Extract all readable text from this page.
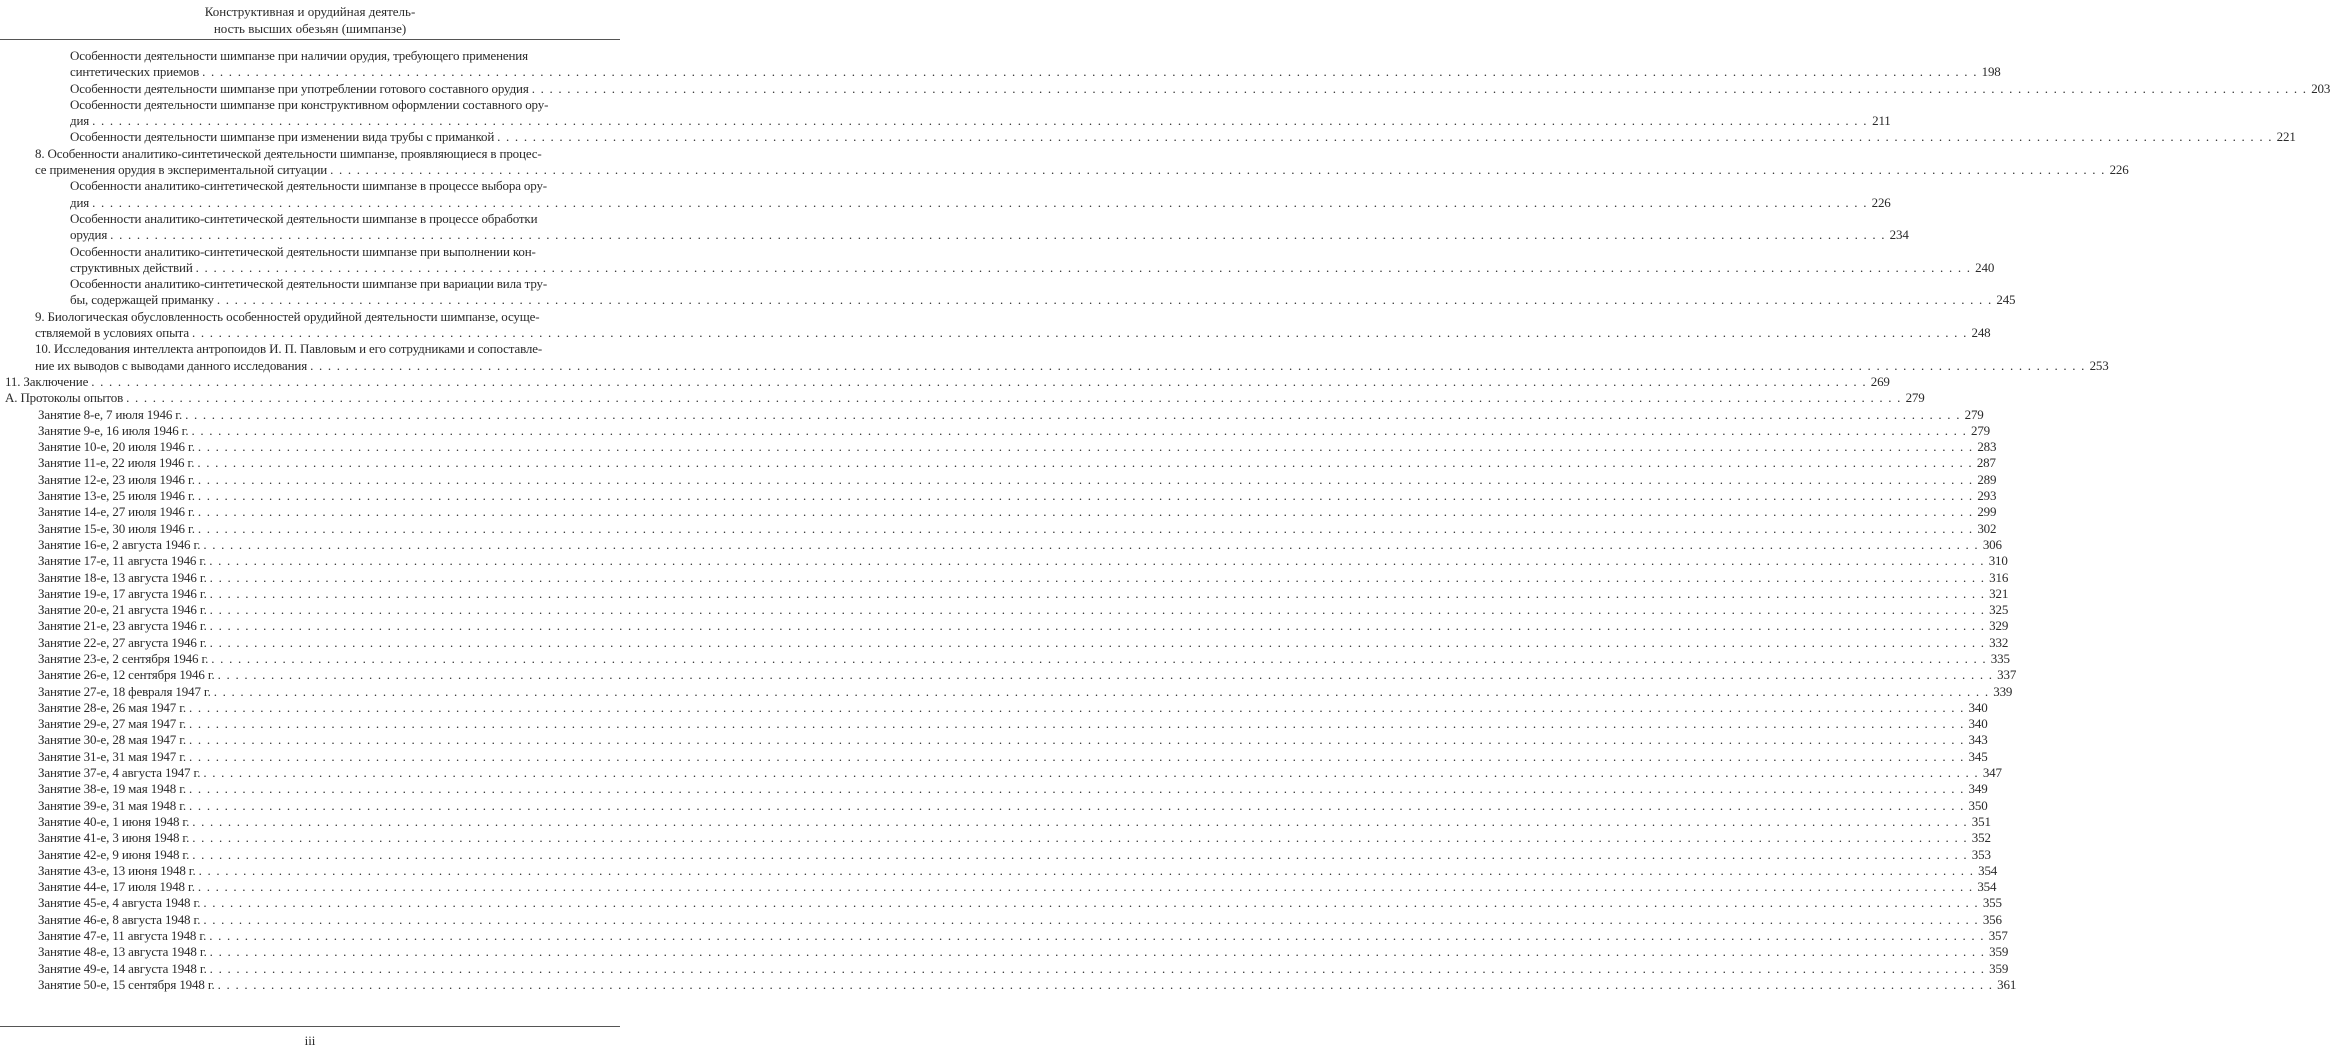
Конструктивная и орудийная деятель-
ность высших обезьян (шимпанзе)
Особенности деятельности шимпанзе при наличии орудия, требующего применения
синтетических приемов . . . . . . . . . . . . . . . . . . . . . . . . . . . . . . . . . . . . . . . . . . . . . . . . . . . . . . . . . . . . . . . . . . . . . . . . . . . . . . . . . . . . . . . . . . . . . . . . . . . . . . . . . . . . . . . . . . . . . . . . . . . . . . . . . . . . . . . . . . . . . . . . . . . . . . . . . . . . . . . . . . . . . . . . . . . . . . . . . . . . . . . . . . . . . . . . . . . . . . . . 198
Особенности деятельности шимпанзе при употреблении готового составного орудия . . . . . . . . . . . . . . . . . . . . . . . . . . . . . . . . . . . . . . . . . . . . . . . . . . . . . . . . . . . . . . . . . . . . . . . . . . . . . . . . . . . . . . . . . . . . . . . . . . . . . . . . . . . . . . . . . . . . . . . . . . . . . . . . . . . . . . . . . . . . . . . . . . . . . . . . . . . . . . . . . . . . . . . . . . . . . . . . . . . . . . . . . . . . . . . . . . . . . . . . 203
Особенности деятельности шимпанзе при конструктивном оформлении составного ору-
дия . . . . . . . . . . . . . . . . . . . . . . . . . . . . . . . . . . . . . . . . . . . . . . . . . . . . . . . . . . . . . . . . . . . . . . . . . . . . . . . . . . . . . . . . . . . . . . . . . . . . . . . . . . . . . . . . . . . . . . . . . . . . . . . . . . . . . . . . . . . . . . . . . . . . . . . . . . . . . . . . . . . . . . . . . . . . . . . . . . . . . . . . . . . . . . . . . . . . . . . . 211
Особенности деятельности шимпанзе при изменении вида трубы с приманкой . . . . . . . . . . . . . . . . . . . . . . . . . . . . . . . . . . . . . . . . . . . . . . . . . . . . . . . . . . . . . . . . . . . . . . . . . . . . . . . . . . . . . . . . . . . . . . . . . . . . . . . . . . . . . . . . . . . . . . . . . . . . . . . . . . . . . . . . . . . . . . . . . . . . . . . . . . . . . . . . . . . . . . . . . . . . . . . . . . . . . . . . . . . . . . . . . . . . . . . . 221
8. Особенности аналитико-синтетической деятельности шимпанзе, проявляющиеся в процес-
се применения орудия в экспериментальной ситуации . . . . . . . . . . . . . . . . . . . . . . . . . . . . . . . . . . . . . . . . . . . . . . . . . . . . . . . . . . . . . . . . . . . . . . . . . . . . . . . . . . . . . . . . . . . . . . . . . . . . . . . . . . . . . . . . . . . . . . . . . . . . . . . . . . . . . . . . . . . . . . . . . . . . . . . . . . . . . . . . . . . . . . . . . . . . . . . . . . . . . . . . . . . . . . . . . . . . . . . . 226
Особенности аналитико-синтетической деятельности шимпанзе в процессе выбора ору-
дия . . . . . . . . . . . . . . . . . . . . . . . . . . . . . . . . . . . . . . . . . . . . . . . . . . . . . . . . . . . . . . . . . . . . . . . . . . . . . . . . . . . . . . . . . . . . . . . . . . . . . . . . . . . . . . . . . . . . . . . . . . . . . . . . . . . . . . . . . . . . . . . . . . . . . . . . . . . . . . . . . . . . . . . . . . . . . . . . . . . . . . . . . . . . . . . . . . . . . . . . 226
Особенности аналитико-синтетической деятельности шимпанзе в процессе обработки
орудия . . . . . . . . . . . . . . . . . . . . . . . . . . . . . . . . . . . . . . . . . . . . . . . . . . . . . . . . . . . . . . . . . . . . . . . . . . . . . . . . . . . . . . . . . . . . . . . . . . . . . . . . . . . . . . . . . . . . . . . . . . . . . . . . . . . . . . . . . . . . . . . . . . . . . . . . . . . . . . . . . . . . . . . . . . . . . . . . . . . . . . . . . . . . . . . . . . . . . . . . 234
Особенности аналитико-синтетической деятельности шимпанзе при выполнении кон-
структивных действий . . . . . . . . . . . . . . . . . . . . . . . . . . . . . . . . . . . . . . . . . . . . . . . . . . . . . . . . . . . . . . . . . . . . . . . . . . . . . . . . . . . . . . . . . . . . . . . . . . . . . . . . . . . . . . . . . . . . . . . . . . . . . . . . . . . . . . . . . . . . . . . . . . . . . . . . . . . . . . . . . . . . . . . . . . . . . . . . . . . . . . . . . . . . . . . . . . . . . . . . 240
Особенности аналитико-синтетической деятельности шимпанзе при вариации вила тру-
бы, содержащей приманку . . . . . . . . . . . . . . . . . . . . . . . . . . . . . . . . . . . . . . . . . . . . . . . . . . . . . . . . . . . . . . . . . . . . . . . . . . . . . . . . . . . . . . . . . . . . . . . . . . . . . . . . . . . . . . . . . . . . . . . . . . . . . . . . . . . . . . . . . . . . . . . . . . . . . . . . . . . . . . . . . . . . . . . . . . . . . . . . . . . . . . . . . . . . . . . . . . . . . . . . 245
9. Биологическая обусловленность особенностей орудийной деятельности шимпанзе, осуще-
ствляемой в условиях опыта . . . . . . . . . . . . . . . . . . . . . . . . . . . . . . . . . . . . . . . . . . . . . . . . . . . . . . . . . . . . . . . . . . . . . . . . . . . . . . . . . . . . . . . . . . . . . . . . . . . . . . . . . . . . . . . . . . . . . . . . . . . . . . . . . . . . . . . . . . . . . . . . . . . . . . . . . . . . . . . . . . . . . . . . . . . . . . . . . . . . . . . . . . . . . . . . . . . . . . . . 248
10. Исследования интеллекта антропоидов И. П. Павловым и его сотрудниками и сопоставле-
ние их выводов с выводами данного исследования . . . . . . . . . . . . . . . . . . . . . . . . . . . . . . . . . . . . . . . . . . . . . . . . . . . . . . . . . . . . . . . . . . . . . . . . . . . . . . . . . . . . . . . . . . . . . . . . . . . . . . . . . . . . . . . . . . . . . . . . . . . . . . . . . . . . . . . . . . . . . . . . . . . . . . . . . . . . . . . . . . . . . . . . . . . . . . . . . . . . . . . . . . . . . . . . . . . . . . . . 253
11. Заключение . . . . . . . . . . . . . . . . . . . . . . . . . . . . . . . . . . . . . . . . . . . . . . . . . . . . . . . . . . . . . . . . . . . . . . . . . . . . . . . . . . . . . . . . . . . . . . . . . . . . . . . . . . . . . . . . . . . . . . . . . . . . . . . . . . . . . . . . . . . . . . . . . . . . . . . . . . . . . . . . . . . . . . . . . . . . . . . . . . . . . . . . . . . . . . . . . . . . . . . . 269
А. Протоколы опытов . . . . . . . . . . . . . . . . . . . . . . . . . . . . . . . . . . . . . . . . . . . . . . . . . . . . . . . . . . . . . . . . . . . . . . . . . . . . . . . . . . . . . . . . . . . . . . . . . . . . . . . . . . . . . . . . . . . . . . . . . . . . . . . . . . . . . . . . . . . . . . . . . . . . . . . . . . . . . . . . . . . . . . . . . . . . . . . . . . . . . . . . . . . . . . . . . . . . . . . . 279
Занятие 8-е, 7 июля 1946 г. . . . . . . . . . . . . . . . . . . . . . . . . . . . . . . . . . . . . . . . . . . . . . . . . . . . . . . . . . . . . . . . . . . . . . . . . . . . . . . . . . . . . . . . . . . . . . . . . . . . . . . . . . . . . . . . . . . . . . . . . . . . . . . . . . . . . . . . . . . . . . . . . . . . . . . . . . . . . . . . . . . . . . . . . . . . . . . . . . . . . . . . . . . . . . . . . . . . . . . . . 279
Занятие 9-е, 16 июля 1946 г. . . . . . . . . . . . . . . . . . . . . . . . . . . . . . . . . . . . . . . . . . . . . . . . . . . . . . . . . . . . . . . . . . . . . . . . . . . . . . . . . . . . . . . . . . . . . . . . . . . . . . . . . . . . . . . . . . . . . . . . . . . . . . . . . . . . . . . . . . . . . . . . . . . . . . . . . . . . . . . . . . . . . . . . . . . . . . . . . . . . . . . . . . . . . . . . . . . . . . . . . 279
Занятие 10-е, 20 июля 1946 г. . . . . . . . . . . . . . . . . . . . . . . . . . . . . . . . . . . . . . . . . . . . . . . . . . . . . . . . . . . . . . . . . . . . . . . . . . . . . . . . . . . . . . . . . . . . . . . . . . . . . . . . . . . . . . . . . . . . . . . . . . . . . . . . . . . . . . . . . . . . . . . . . . . . . . . . . . . . . . . . . . . . . . . . . . . . . . . . . . . . . . . . . . . . . . . . . . . . . . . . . 283
Занятие 11-е, 22 июля 1946 г. . . . . . . . . . . . . . . . . . . . . . . . . . . . . . . . . . . . . . . . . . . . . . . . . . . . . . . . . . . . . . . . . . . . . . . . . . . . . . . . . . . . . . . . . . . . . . . . . . . . . . . . . . . . . . . . . . . . . . . . . . . . . . . . . . . . . . . . . . . . . . . . . . . . . . . . . . . . . . . . . . . . . . . . . . . . . . . . . . . . . . . . . . . . . . . . . . . . . . . . . 287
Занятие 12-е, 23 июля 1946 г. . . . . . . . . . . . . . . . . . . . . . . . . . . . . . . . . . . . . . . . . . . . . . . . . . . . . . . . . . . . . . . . . . . . . . . . . . . . . . . . . . . . . . . . . . . . . . . . . . . . . . . . . . . . . . . . . . . . . . . . . . . . . . . . . . . . . . . . . . . . . . . . . . . . . . . . . . . . . . . . . . . . . . . . . . . . . . . . . . . . . . . . . . . . . . . . . . . . . . . . . 289
Занятие 13-е, 25 июля 1946 г. . . . . . . . . . . . . . . . . . . . . . . . . . . . . . . . . . . . . . . . . . . . . . . . . . . . . . . . . . . . . . . . . . . . . . . . . . . . . . . . . . . . . . . . . . . . . . . . . . . . . . . . . . . . . . . . . . . . . . . . . . . . . . . . . . . . . . . . . . . . . . . . . . . . . . . . . . . . . . . . . . . . . . . . . . . . . . . . . . . . . . . . . . . . . . . . . . . . . . . . . 293
Занятие 14-е, 27 июля 1946 г. . . . . . . . . . . . . . . . . . . . . . . . . . . . . . . . . . . . . . . . . . . . . . . . . . . . . . . . . . . . . . . . . . . . . . . . . . . . . . . . . . . . . . . . . . . . . . . . . . . . . . . . . . . . . . . . . . . . . . . . . . . . . . . . . . . . . . . . . . . . . . . . . . . . . . . . . . . . . . . . . . . . . . . . . . . . . . . . . . . . . . . . . . . . . . . . . . . . . . . . . 299
Занятие 15-е, 30 июля 1946 г. . . . . . . . . . . . . . . . . . . . . . . . . . . . . . . . . . . . . . . . . . . . . . . . . . . . . . . . . . . . . . . . . . . . . . . . . . . . . . . . . . . . . . . . . . . . . . . . . . . . . . . . . . . . . . . . . . . . . . . . . . . . . . . . . . . . . . . . . . . . . . . . . . . . . . . . . . . . . . . . . . . . . . . . . . . . . . . . . . . . . . . . . . . . . . . . . . . . . . . . . 302
Занятие 16-е, 2 августа 1946 г. . . . . . . . . . . . . . . . . . . . . . . . . . . . . . . . . . . . . . . . . . . . . . . . . . . . . . . . . . . . . . . . . . . . . . . . . . . . . . . . . . . . . . . . . . . . . . . . . . . . . . . . . . . . . . . . . . . . . . . . . . . . . . . . . . . . . . . . . . . . . . . . . . . . . . . . . . . . . . . . . . . . . . . . . . . . . . . . . . . . . . . . . . . . . . . . . . . . . . . . . 306
Занятие 17-е, 11 августа 1946 г. . . . . . . . . . . . . . . . . . . . . . . . . . . . . . . . . . . . . . . . . . . . . . . . . . . . . . . . . . . . . . . . . . . . . . . . . . . . . . . . . . . . . . . . . . . . . . . . . . . . . . . . . . . . . . . . . . . . . . . . . . . . . . . . . . . . . . . . . . . . . . . . . . . . . . . . . . . . . . . . . . . . . . . . . . . . . . . . . . . . . . . . . . . . . . . . . . . . . . . . . 310
Занятие 18-е, 13 августа 1946 г. . . . . . . . . . . . . . . . . . . . . . . . . . . . . . . . . . . . . . . . . . . . . . . . . . . . . . . . . . . . . . . . . . . . . . . . . . . . . . . . . . . . . . . . . . . . . . . . . . . . . . . . . . . . . . . . . . . . . . . . . . . . . . . . . . . . . . . . . . . . . . . . . . . . . . . . . . . . . . . . . . . . . . . . . . . . . . . . . . . . . . . . . . . . . . . . . . . . . . . . . 316
Занятие 19-е, 17 августа 1946 г. . . . . . . . . . . . . . . . . . . . . . . . . . . . . . . . . . . . . . . . . . . . . . . . . . . . . . . . . . . . . . . . . . . . . . . . . . . . . . . . . . . . . . . . . . . . . . . . . . . . . . . . . . . . . . . . . . . . . . . . . . . . . . . . . . . . . . . . . . . . . . . . . . . . . . . . . . . . . . . . . . . . . . . . . . . . . . . . . . . . . . . . . . . . . . . . . . . . . . . . . 321
Занятие 20-е, 21 августа 1946 г. . . . . . . . . . . . . . . . . . . . . . . . . . . . . . . . . . . . . . . . . . . . . . . . . . . . . . . . . . . . . . . . . . . . . . . . . . . . . . . . . . . . . . . . . . . . . . . . . . . . . . . . . . . . . . . . . . . . . . . . . . . . . . . . . . . . . . . . . . . . . . . . . . . . . . . . . . . . . . . . . . . . . . . . . . . . . . . . . . . . . . . . . . . . . . . . . . . . . . . . . 325
Занятие 21-е, 23 августа 1946 г. . . . . . . . . . . . . . . . . . . . . . . . . . . . . . . . . . . . . . . . . . . . . . . . . . . . . . . . . . . . . . . . . . . . . . . . . . . . . . . . . . . . . . . . . . . . . . . . . . . . . . . . . . . . . . . . . . . . . . . . . . . . . . . . . . . . . . . . . . . . . . . . . . . . . . . . . . . . . . . . . . . . . . . . . . . . . . . . . . . . . . . . . . . . . . . . . . . . . . . . . 329
Занятие 22-е, 27 августа 1946 г. . . . . . . . . . . . . . . . . . . . . . . . . . . . . . . . . . . . . . . . . . . . . . . . . . . . . . . . . . . . . . . . . . . . . . . . . . . . . . . . . . . . . . . . . . . . . . . . . . . . . . . . . . . . . . . . . . . . . . . . . . . . . . . . . . . . . . . . . . . . . . . . . . . . . . . . . . . . . . . . . . . . . . . . . . . . . . . . . . . . . . . . . . . . . . . . . . . . . . . . . 332
Занятие 23-е, 2 сентября 1946 г. . . . . . . . . . . . . . . . . . . . . . . . . . . . . . . . . . . . . . . . . . . . . . . . . . . . . . . . . . . . . . . . . . . . . . . . . . . . . . . . . . . . . . . . . . . . . . . . . . . . . . . . . . . . . . . . . . . . . . . . . . . . . . . . . . . . . . . . . . . . . . . . . . . . . . . . . . . . . . . . . . . . . . . . . . . . . . . . . . . . . . . . . . . . . . . . . . . . . . . . . 335
Занятие 26-е, 12 сентября 1946 г. . . . . . . . . . . . . . . . . . . . . . . . . . . . . . . . . . . . . . . . . . . . . . . . . . . . . . . . . . . . . . . . . . . . . . . . . . . . . . . . . . . . . . . . . . . . . . . . . . . . . . . . . . . . . . . . . . . . . . . . . . . . . . . . . . . . . . . . . . . . . . . . . . . . . . . . . . . . . . . . . . . . . . . . . . . . . . . . . . . . . . . . . . . . . . . . . . . . . . . . . 337
Занятие 27-е, 18 февраля 1947 г. . . . . . . . . . . . . . . . . . . . . . . . . . . . . . . . . . . . . . . . . . . . . . . . . . . . . . . . . . . . . . . . . . . . . . . . . . . . . . . . . . . . . . . . . . . . . . . . . . . . . . . . . . . . . . . . . . . . . . . . . . . . . . . . . . . . . . . . . . . . . . . . . . . . . . . . . . . . . . . . . . . . . . . . . . . . . . . . . . . . . . . . . . . . . . . . . . . . . . . . . 339
Занятие 28-е, 26 мая 1947 г. . . . . . . . . . . . . . . . . . . . . . . . . . . . . . . . . . . . . . . . . . . . . . . . . . . . . . . . . . . . . . . . . . . . . . . . . . . . . . . . . . . . . . . . . . . . . . . . . . . . . . . . . . . . . . . . . . . . . . . . . . . . . . . . . . . . . . . . . . . . . . . . . . . . . . . . . . . . . . . . . . . . . . . . . . . . . . . . . . . . . . . . . . . . . . . . . . . . . . . . . 340
Занятие 29-е, 27 мая 1947 г. . . . . . . . . . . . . . . . . . . . . . . . . . . . . . . . . . . . . . . . . . . . . . . . . . . . . . . . . . . . . . . . . . . . . . . . . . . . . . . . . . . . . . . . . . . . . . . . . . . . . . . . . . . . . . . . . . . . . . . . . . . . . . . . . . . . . . . . . . . . . . . . . . . . . . . . . . . . . . . . . . . . . . . . . . . . . . . . . . . . . . . . . . . . . . . . . . . . . . . . . 340
Занятие 30-е, 28 мая 1947 г. . . . . . . . . . . . . . . . . . . . . . . . . . . . . . . . . . . . . . . . . . . . . . . . . . . . . . . . . . . . . . . . . . . . . . . . . . . . . . . . . . . . . . . . . . . . . . . . . . . . . . . . . . . . . . . . . . . . . . . . . . . . . . . . . . . . . . . . . . . . . . . . . . . . . . . . . . . . . . . . . . . . . . . . . . . . . . . . . . . . . . . . . . . . . . . . . . . . . . . . . 343
Занятие 31-е, 31 мая 1947 г. . . . . . . . . . . . . . . . . . . . . . . . . . . . . . . . . . . . . . . . . . . . . . . . . . . . . . . . . . . . . . . . . . . . . . . . . . . . . . . . . . . . . . . . . . . . . . . . . . . . . . . . . . . . . . . . . . . . . . . . . . . . . . . . . . . . . . . . . . . . . . . . . . . . . . . . . . . . . . . . . . . . . . . . . . . . . . . . . . . . . . . . . . . . . . . . . . . . . . . . . 345
Занятие 37-е, 4 августа 1947 г. . . . . . . . . . . . . . . . . . . . . . . . . . . . . . . . . . . . . . . . . . . . . . . . . . . . . . . . . . . . . . . . . . . . . . . . . . . . . . . . . . . . . . . . . . . . . . . . . . . . . . . . . . . . . . . . . . . . . . . . . . . . . . . . . . . . . . . . . . . . . . . . . . . . . . . . . . . . . . . . . . . . . . . . . . . . . . . . . . . . . . . . . . . . . . . . . . . . . . . . . 347
Занятие 38-е, 19 мая 1948 г. . . . . . . . . . . . . . . . . . . . . . . . . . . . . . . . . . . . . . . . . . . . . . . . . . . . . . . . . . . . . . . . . . . . . . . . . . . . . . . . . . . . . . . . . . . . . . . . . . . . . . . . . . . . . . . . . . . . . . . . . . . . . . . . . . . . . . . . . . . . . . . . . . . . . . . . . . . . . . . . . . . . . . . . . . . . . . . . . . . . . . . . . . . . . . . . . . . . . . . . . 349
Занятие 39-е, 31 мая 1948 г. . . . . . . . . . . . . . . . . . . . . . . . . . . . . . . . . . . . . . . . . . . . . . . . . . . . . . . . . . . . . . . . . . . . . . . . . . . . . . . . . . . . . . . . . . . . . . . . . . . . . . . . . . . . . . . . . . . . . . . . . . . . . . . . . . . . . . . . . . . . . . . . . . . . . . . . . . . . . . . . . . . . . . . . . . . . . . . . . . . . . . . . . . . . . . . . . . . . . . . . . 350
Занятие 40-е, 1 июня 1948 г. . . . . . . . . . . . . . . . . . . . . . . . . . . . . . . . . . . . . . . . . . . . . . . . . . . . . . . . . . . . . . . . . . . . . . . . . . . . . . . . . . . . . . . . . . . . . . . . . . . . . . . . . . . . . . . . . . . . . . . . . . . . . . . . . . . . . . . . . . . . . . . . . . . . . . . . . . . . . . . . . . . . . . . . . . . . . . . . . . . . . . . . . . . . . . . . . . . . . . . . . 351
Занятие 41-е, 3 июня 1948 г. . . . . . . . . . . . . . . . . . . . . . . . . . . . . . . . . . . . . . . . . . . . . . . . . . . . . . . . . . . . . . . . . . . . . . . . . . . . . . . . . . . . . . . . . . . . . . . . . . . . . . . . . . . . . . . . . . . . . . . . . . . . . . . . . . . . . . . . . . . . . . . . . . . . . . . . . . . . . . . . . . . . . . . . . . . . . . . . . . . . . . . . . . . . . . . . . . . . . . . . . 352
Занятие 42-е, 9 июня 1948 г. . . . . . . . . . . . . . . . . . . . . . . . . . . . . . . . . . . . . . . . . . . . . . . . . . . . . . . . . . . . . . . . . . . . . . . . . . . . . . . . . . . . . . . . . . . . . . . . . . . . . . . . . . . . . . . . . . . . . . . . . . . . . . . . . . . . . . . . . . . . . . . . . . . . . . . . . . . . . . . . . . . . . . . . . . . . . . . . . . . . . . . . . . . . . . . . . . . . . . . . . 353
Занятие 43-е, 13 июня 1948 г. . . . . . . . . . . . . . . . . . . . . . . . . . . . . . . . . . . . . . . . . . . . . . . . . . . . . . . . . . . . . . . . . . . . . . . . . . . . . . . . . . . . . . . . . . . . . . . . . . . . . . . . . . . . . . . . . . . . . . . . . . . . . . . . . . . . . . . . . . . . . . . . . . . . . . . . . . . . . . . . . . . . . . . . . . . . . . . . . . . . . . . . . . . . . . . . . . . . . . . . . 354
Занятие 44-е, 17 июля 1948 г. . . . . . . . . . . . . . . . . . . . . . . . . . . . . . . . . . . . . . . . . . . . . . . . . . . . . . . . . . . . . . . . . . . . . . . . . . . . . . . . . . . . . . . . . . . . . . . . . . . . . . . . . . . . . . . . . . . . . . . . . . . . . . . . . . . . . . . . . . . . . . . . . . . . . . . . . . . . . . . . . . . . . . . . . . . . . . . . . . . . . . . . . . . . . . . . . . . . . . . . . 354
Занятие 45-е, 4 августа 1948 г. . . . . . . . . . . . . . . . . . . . . . . . . . . . . . . . . . . . . . . . . . . . . . . . . . . . . . . . . . . . . . . . . . . . . . . . . . . . . . . . . . . . . . . . . . . . . . . . . . . . . . . . . . . . . . . . . . . . . . . . . . . . . . . . . . . . . . . . . . . . . . . . . . . . . . . . . . . . . . . . . . . . . . . . . . . . . . . . . . . . . . . . . . . . . . . . . . . . . . . . . 355
Занятие 46-е, 8 августа 1948 г. . . . . . . . . . . . . . . . . . . . . . . . . . . . . . . . . . . . . . . . . . . . . . . . . . . . . . . . . . . . . . . . . . . . . . . . . . . . . . . . . . . . . . . . . . . . . . . . . . . . . . . . . . . . . . . . . . . . . . . . . . . . . . . . . . . . . . . . . . . . . . . . . . . . . . . . . . . . . . . . . . . . . . . . . . . . . . . . . . . . . . . . . . . . . . . . . . . . . . . . . 356
Занятие 47-е, 11 августа 1948 г. . . . . . . . . . . . . . . . . . . . . . . . . . . . . . . . . . . . . . . . . . . . . . . . . . . . . . . . . . . . . . . . . . . . . . . . . . . . . . . . . . . . . . . . . . . . . . . . . . . . . . . . . . . . . . . . . . . . . . . . . . . . . . . . . . . . . . . . . . . . . . . . . . . . . . . . . . . . . . . . . . . . . . . . . . . . . . . . . . . . . . . . . . . . . . . . . . . . . . . . . 357
Занятие 48-е, 13 августа 1948 г. . . . . . . . . . . . . . . . . . . . . . . . . . . . . . . . . . . . . . . . . . . . . . . . . . . . . . . . . . . . . . . . . . . . . . . . . . . . . . . . . . . . . . . . . . . . . . . . . . . . . . . . . . . . . . . . . . . . . . . . . . . . . . . . . . . . . . . . . . . . . . . . . . . . . . . . . . . . . . . . . . . . . . . . . . . . . . . . . . . . . . . . . . . . . . . . . . . . . . . . . 359
Занятие 49-е, 14 августа 1948 г. . . . . . . . . . . . . . . . . . . . . . . . . . . . . . . . . . . . . . . . . . . . . . . . . . . . . . . . . . . . . . . . . . . . . . . . . . . . . . . . . . . . . . . . . . . . . . . . . . . . . . . . . . . . . . . . . . . . . . . . . . . . . . . . . . . . . . . . . . . . . . . . . . . . . . . . . . . . . . . . . . . . . . . . . . . . . . . . . . . . . . . . . . . . . . . . . . . . . . . . . 359
Занятие 50-е, 15 сентября 1948 г. . . . . . . . . . . . . . . . . . . . . . . . . . . . . . . . . . . . . . . . . . . . . . . . . . . . . . . . . . . . . . . . . . . . . . . . . . . . . . . . . . . . . . . . . . . . . . . . . . . . . . . . . . . . . . . . . . . . . . . . . . . . . . . . . . . . . . . . . . . . . . . . . . . . . . . . . . . . . . . . . . . . . . . . . . . . . . . . . . . . . . . . . . . . . . . . . . . . . . . . . 361
iii
